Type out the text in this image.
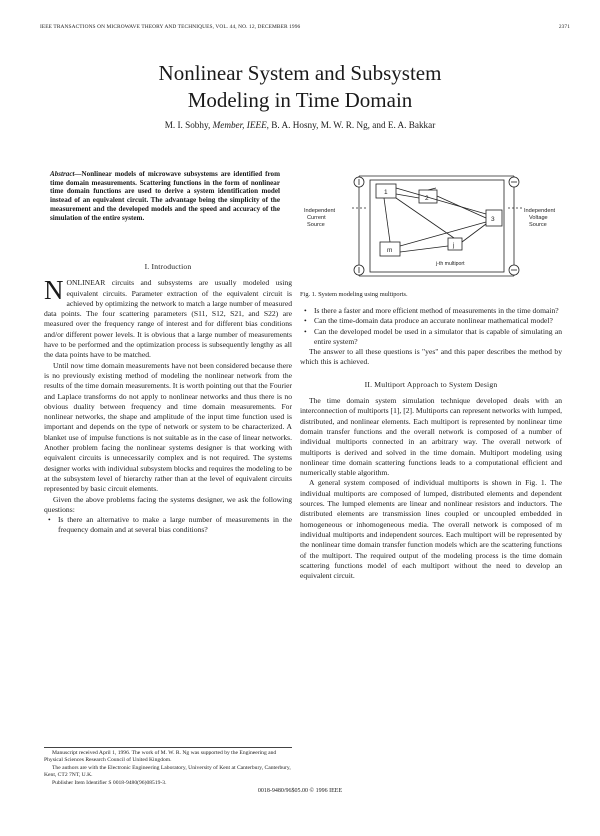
IEEE TRANSACTIONS ON MICROWAVE THEORY AND TECHNIQUES, VOL. 44, NO. 12, DECEMBER 1996	2371
Nonlinear System and Subsystem
Modeling in Time Domain
M. I. Sobhy, Member, IEEE, B. A. Hosny, M. W. R. Ng, and E. A. Bakkar
Abstract—Nonlinear models of microwave subsystems are identified from time domain measurements. Scattering functions in the form of nonlinear time domain functions are used to derive a system identification model instead of an equivalent circuit. The advantage being the simplicity of the measurement and the developed models and the speed and accuracy of the simulation of the entire system.
1
2
3
m
j
j-th multiport
Independent
Current
Source
Independent
Voltage
Source
Fig. 1. System modeling using multiports.
I. Introduction

NONLINEAR circuits and subsystems are usually modeled using equivalent circuits. Parameter extraction of the equivalent circuit is achieved by optimizing the network to match a large number of measured data points. The four scattering parameters (S11, S12, S21, and S22) are measured over the frequency range of interest and for different bias conditions and/or different power levels. It is obvious that a large number of measurements have to be performed and the optimization process is subsequently lengthy as all the data points have to be matched.

Until now time domain measurements have not been considered because there is no previously existing method of modeling the nonlinear network from the results of the time domain measurements. It is worth pointing out that the Fourier and Laplace transforms do not apply to nonlinear networks and thus there is no obvious duality between frequency and time domain measurements. For nonlinear networks, the shape and amplitude of the input time function used is important and depends on the type of network or system to be characterized. A blanket use of impulse functions is not suitable as in the case of linear networks. Another problem facing the nonlinear systems designer is that working with equivalent circuits is unnecessarily complex and is not required. The systems designer works with individual subsystem blocks and requires the modeling to be at the subsystem level of hierarchy rather than at the level of equivalent circuits represented by basic circuit elements.

Given the above problems facing the systems designer, we ask the following questions:

• Is there an alternative to make a large number of measurements in the frequency domain and at several bias conditions?
Manuscript received April 1, 1996. The work of M. W. R. Ng was supported by the Engineering and Physical Sciences Research Council of United Kingdom.
The authors are with the Electronic Engineering Laboratory, University of Kent at Canterbury, Canterbury, Kent, CT2 7NT, U.K.
Publisher Item Identifier S 0018-9480(96)08519-3.
• Is there a faster and more efficient method of measurements in the time domain?
• Can the time-domain data produce an accurate nonlinear mathematical model?
• Can the developed model be used in a simulator that is capable of simulating an entire system?

The answer to all these questions is "yes" and this paper describes the method by which this is achieved.

II. Multiport Approach to System Design

The time domain system simulation technique developed deals with an interconnection of multiports [1], [2]. Multiports can represent networks with lumped, distributed, and nonlinear elements. Each multiport is represented by nonlinear time domain transfer functions and the overall network is composed of a number of individual multiports connected in an arbitrary way. The overall network of multiports is derived and solved in the time domain. Multiport modeling using nonlinear time domain scattering functions leads to a computational efficient and numerically stable algorithm.

A general system composed of individual multiports is shown in Fig. 1. The individual multiports are composed of lumped, distributed elements and dependent sources. The lumped elements are linear and nonlinear resistors and inductors. The distributed elements are transmission lines coupled or uncoupled embedded in homogeneous or inhomogeneous media. The overall network is composed of m individual multiports and independent sources. Each multiport will be represented by the nonlinear time domain transfer function models which are the scattering functions of the multiport. The required output of the modeling process is the time domain scattering functions model of each multiport without the need to develop an equivalent circuit.

0018-9480/96$05.00 © 1996 IEEE
